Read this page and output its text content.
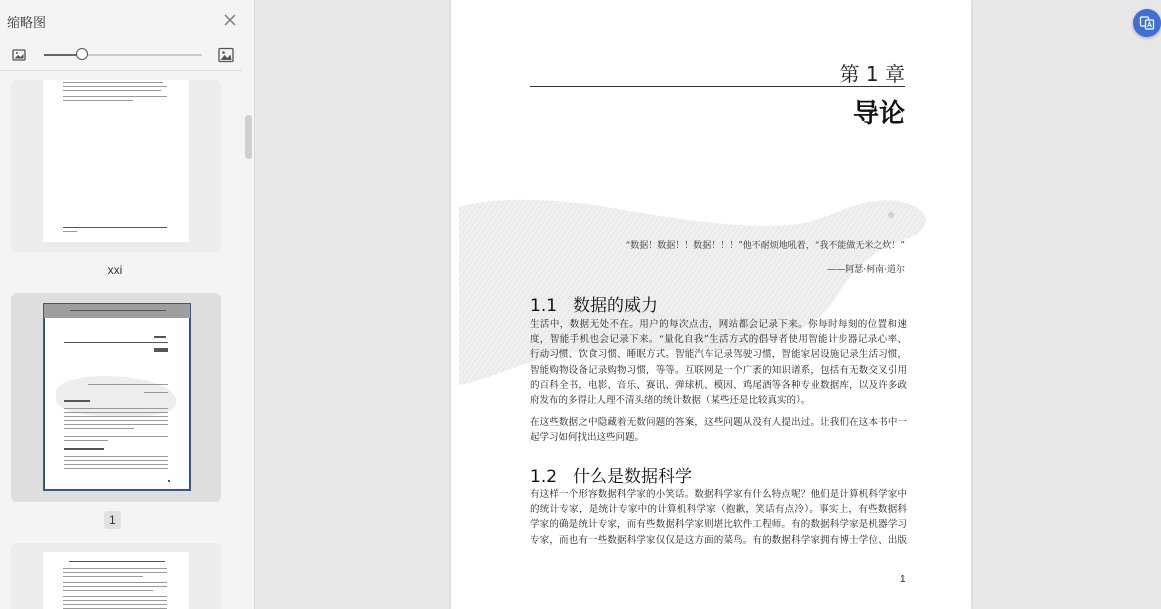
缩略图
xxi
1
第 1 章
导论
“数据！数据！！数据！！！”他不耐烦地吼着，“我不能做无米之炊！”
——阿瑟·柯南·道尔
1.1 数据的威力
生活中，数据无处不在。用户的每次点击，网站都会记录下来。你每时每刻的位置和速
度，智能手机也会记录下来。“量化自我”生活方式的倡导者使用智能计步器记录心率、
行动习惯、饮食习惯、睡眠方式。智能汽车记录驾驶习惯，智能家居设施记录生活习惯，
智能购物设备记录购物习惯，等等。互联网是一个广袤的知识谱系，包括有无数交叉引用
的百科全书，电影、音乐、赛讯、弹球机、模因、鸡尾酒等各种专业数据库，以及许多政
府发布的多得让人理不清头绪的统计数据（某些还是比较真实的）。
在这些数据之中隐藏着无数问题的答案，这些问题从没有人提出过。让我们在这本书中一
起学习如何找出这些问题。
1.2 什么是数据科学
有这样一个形容数据科学家的小笑话。数据科学家有什么特点呢？他们是计算机科学家中
的统计专家，是统计专家中的计算机科学家（抱歉，笑话有点冷）。事实上，有些数据科
学家的确是统计专家，而有些数据科学家则堪比软件工程师。有的数据科学家是机器学习
专家，而也有一些数据科学家仅仅是这方面的菜鸟。有的数据科学家拥有博士学位、出版
1
